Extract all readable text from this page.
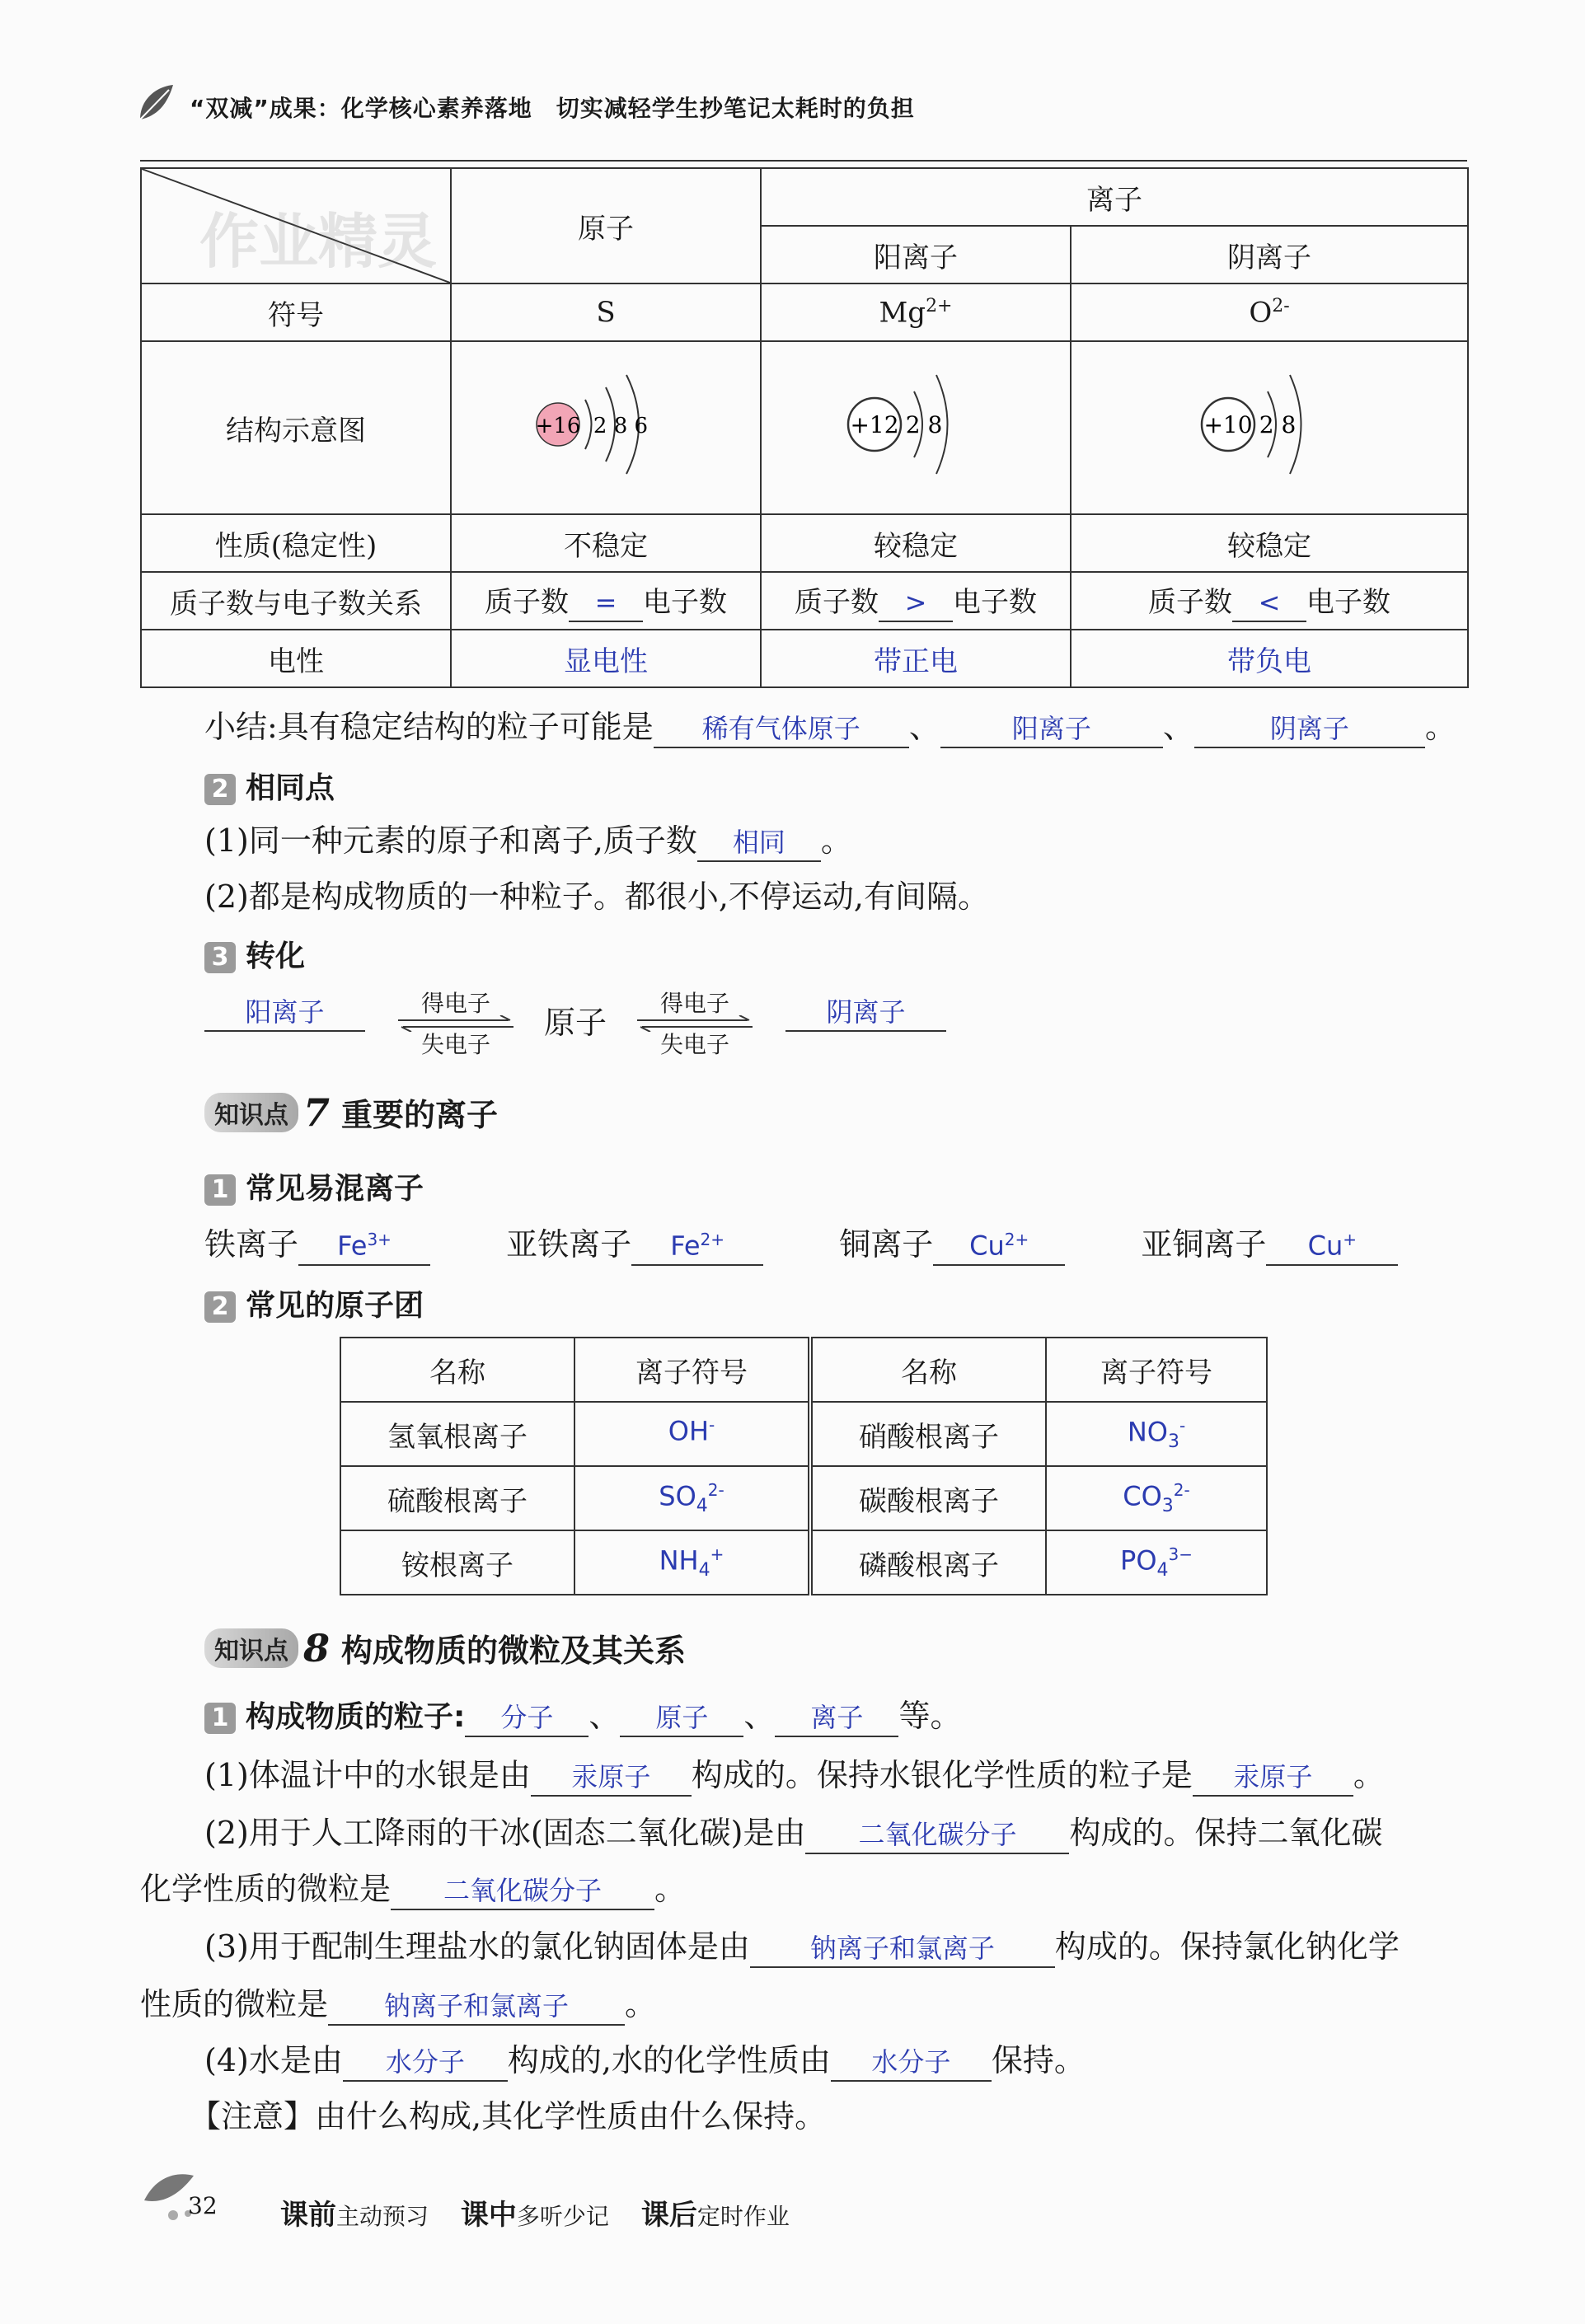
“双减”成果：化学核心素养落地　切实减轻学生抄笔记太耗时的负担
作业精灵	原子	离子	
		阳离子	阴离子
符号	S	$Mg^{2+}$	$O^{2-}$
结构示意图	+16 2 8 6	+12 2 8	+10 2 8

性质(稳定性)	不稳定	较稳定	较稳定
质子数与电子数关系	质子数 = 电子数	质子数 > 电子数	质子数 < 电子数
电性	显电性	带正电	带负电
小结:具有稳定结构的粒子可能是 稀有气体原子 、	阳离子 、	阴离子 。
2 相同点
(1)同一种元素的原子和离子,质子数 相同 。
(2)都是构成物质的一种粒子。都很小,不停运动,有间隔。
3 转化
阳离子	得电子
失电子
原子
得电子
失电子
阴离子
知识点 7 重要的离子
1 常见易混离子
铁离子 $Fe^{3+}$	亚铁离子 $Fe^{2+}$	铜离子 $Cu^{2+}$	亚铜离子 Cu+
2 常见的原子团
名称	离子符号	名称	离子符号
氢氧根离子	OH-	硝酸根离子	$NO_3^-$
硫酸根离子	$SO_4^{2-}$	碳酸根离子	$CO_3^{2-}$
铵根离子	$NH_4^+$	磷酸根离子	$PO_4^{3-}$
知识点 8 构成物质的微粒及其关系
1 构成物质的粒子: 分子 、 原子 、 离子 等。
(1)体温计中的水银是由 汞原子 构成的。保持水银化学性质的粒子是 汞原子 。
(2)用于人工降雨的干冰(固态二氧化碳)是由 二氧化碳分子 构成的。保持二氧化碳
化学性质的微粒是 二氧化碳分子 。
(3)用于配制生理盐水的氯化钠固体是由 钠离子和氯离子 构成的。保持氯化钠化学
性质的微粒是 钠离子和氯离子 。
(4)水是由 水分子 构成的,水的化学性质由 水分子 保持。
【注意】由什么构成,其化学性质由什么保持。
32 课前主动预习 课中多听少记 课后定时作业
